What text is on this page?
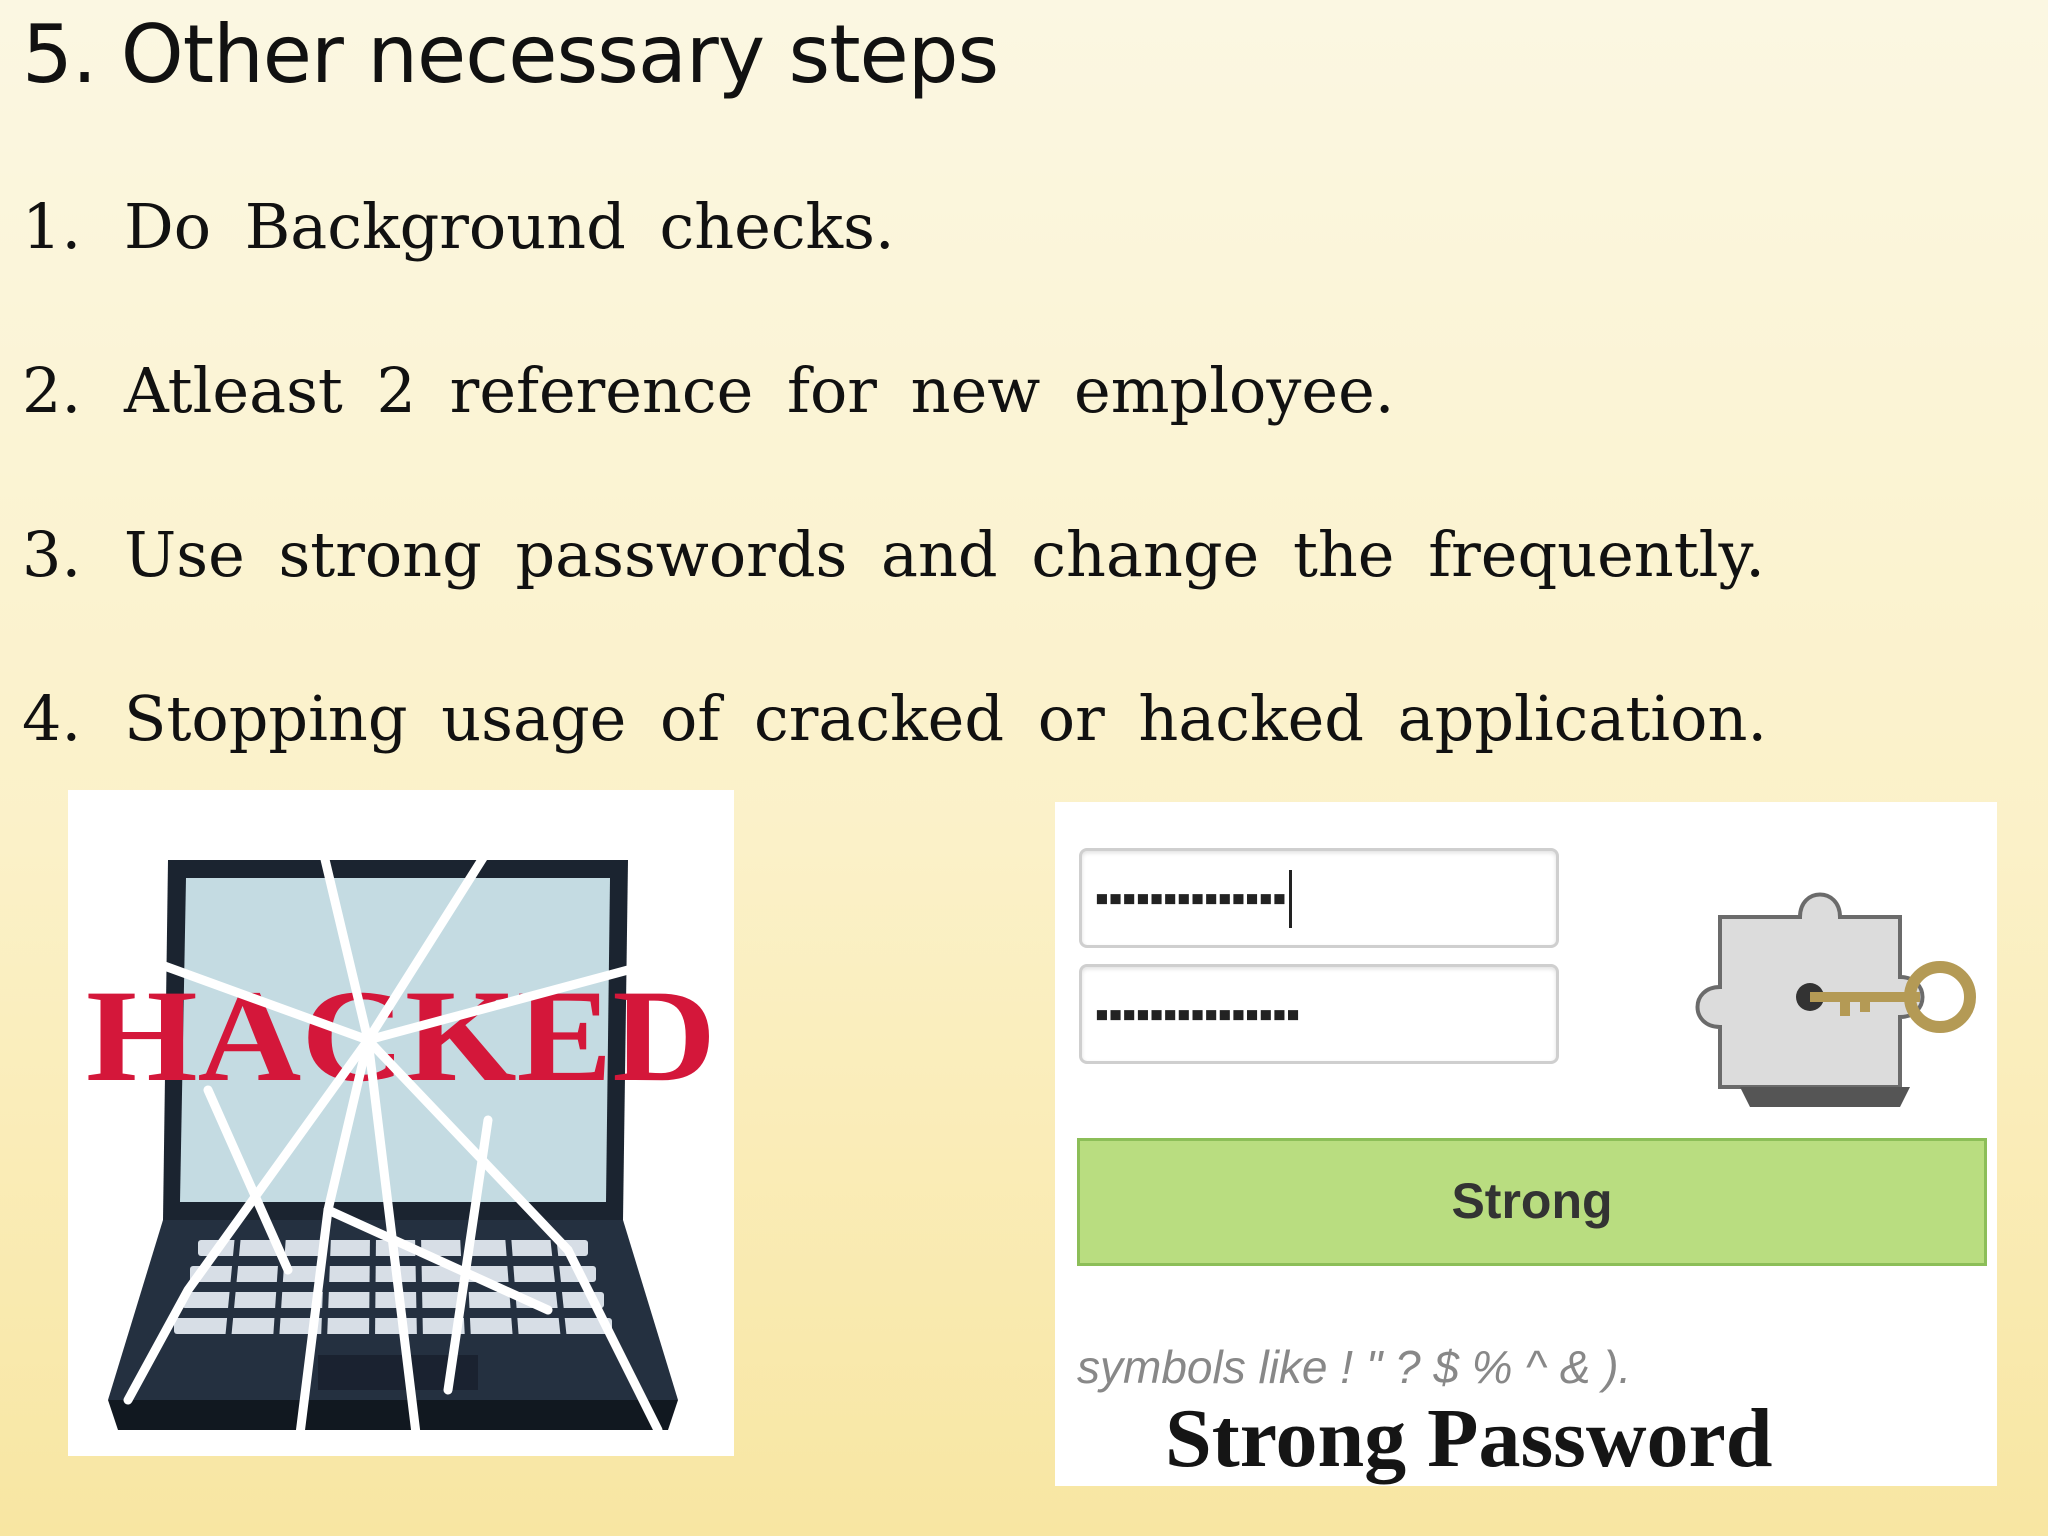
5. Other necessary steps
1. Do Background checks.
2. Atleast 2 reference for new employee.
3. Use strong passwords and change the frequently.
4. Stopping usage of cracked or hacked application.
HACKED
▪▪▪▪▪▪▪▪▪▪▪▪▪▪
▪▪▪▪▪▪▪▪▪▪▪▪▪▪▪
Strong
symbols like ! " ? $ % ^ & ).
Strong Password
